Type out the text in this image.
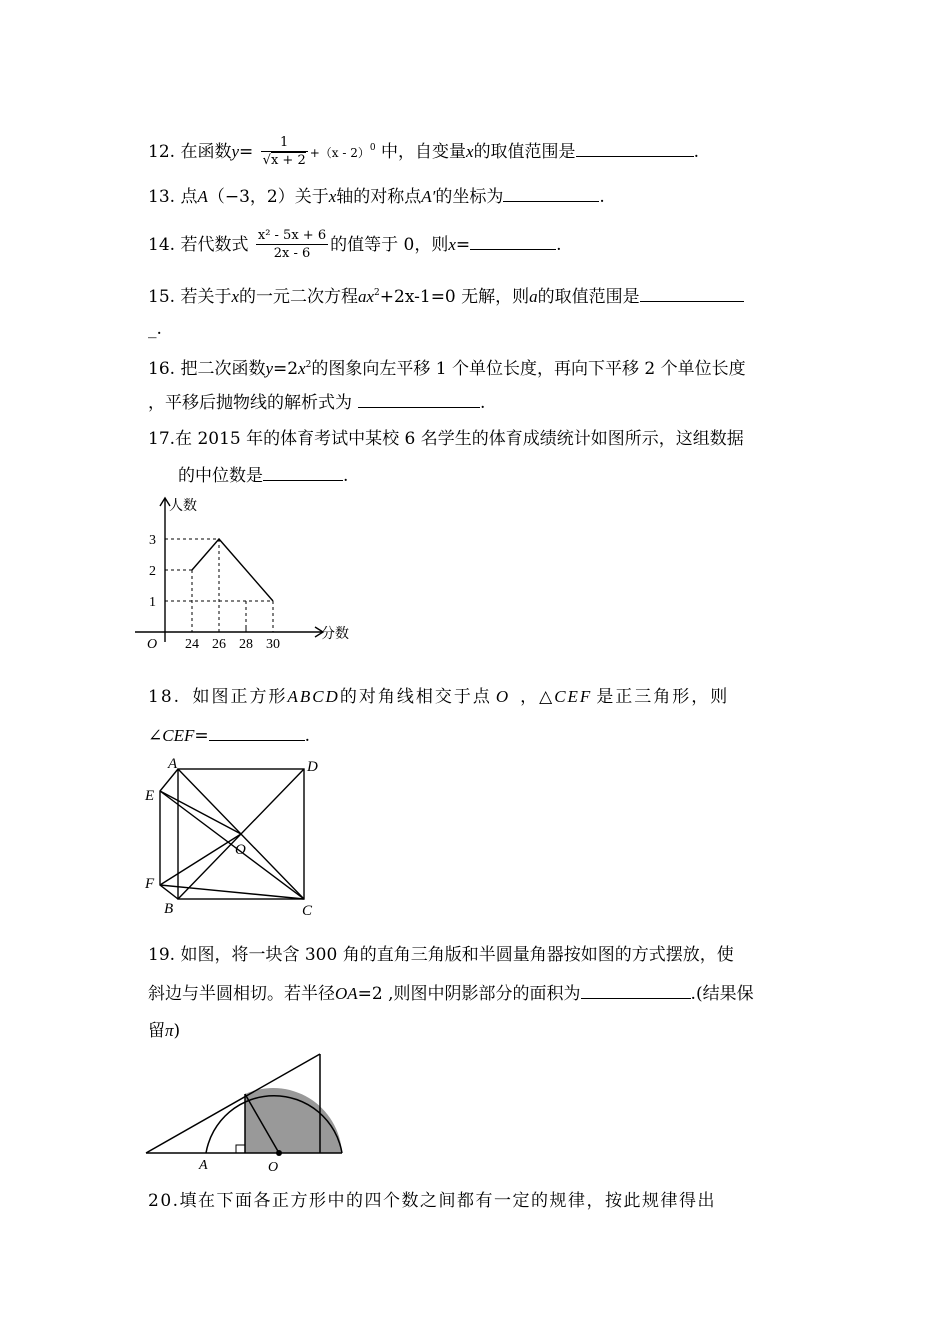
12. 在函数$y= \frac{1}{√x + 2} +(x - 2)^0$ 中，自变量x的取值范围是	.
13. 点A（−3，2）关于x轴的对称点A′的坐标为	.
14. 若代数式 $\frac{\text{x² - 5x + 6}}{2x - 6}$ 的值等于 0，则x=	.
15. 若关于x的一元二次方程$ax^2+2x-1=0$ 无解，则a的取值范围是
_.
16. 把二次函数$y=2x^2$的图象向左平移 1 个单位长度，再向下平移 2 个单位长度
，平移后抛物线的解析式为	.
17.在 2015 年的体育考试中某校 6 名学生的体育成绩统计如图所示，这组数据
的中位数是	.
24 26 28 30
1
2
3
O
分数
人数
18. 如图正方形ABCD的对角线相交于点 O ，△CEF 是正三角形，则
∠CEF=	.
A	D
E
O
F
B	C
19. 如图，将一块含 300 角的直角三角版和半圆量角器按如图的方式摆放，使
斜边与半圆相切。若半径OA=2 ,则图中阴影部分的面积为	.(结果保
留π)
A	O
20.填在下面各正方形中的四个数之间都有一定的规律，按此规律得出
